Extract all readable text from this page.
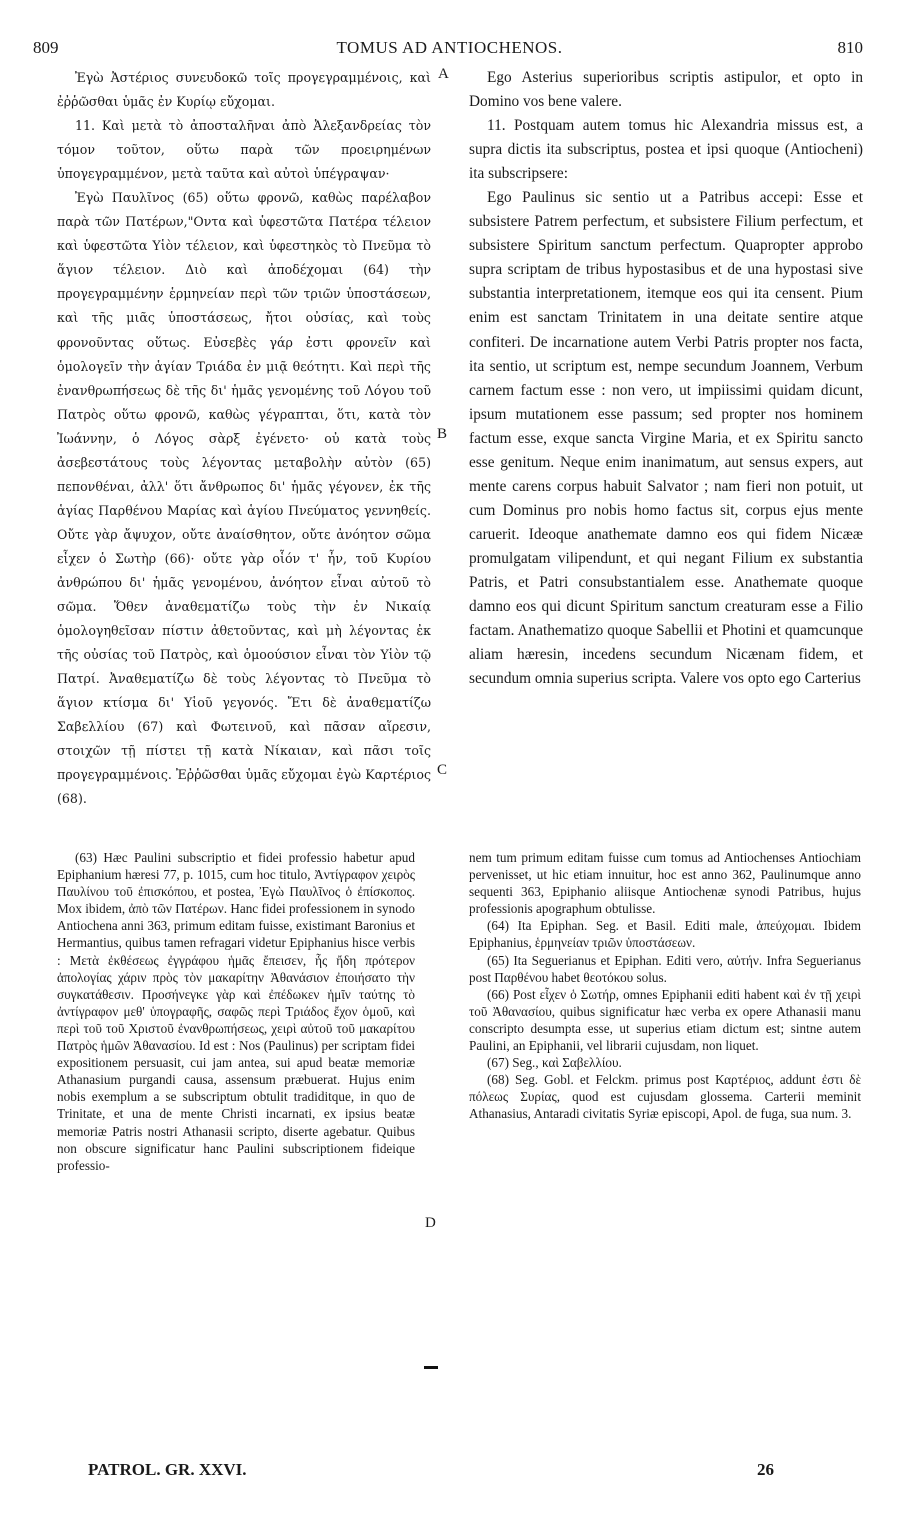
809	TOMUS AD ANTIOCHENOS.	810

Ἐγὼ Ἀστέριος συνευδοκῶ τοῖς προγεγραμμένοις, καὶ ἐῤῥῶσθαι ὑμᾶς ἐν Κυρίῳ εὔχομαι.

11. Καὶ μετὰ τὸ ἀποσταλῆναι ἀπὸ Ἀλεξανδρείας τὸν τόμον τοῦτον, οὕτω παρὰ τῶν προειρημένων ὑπογεγραμμένον, μετὰ ταῦτα καὶ αὐτοὶ ὑπέγραψαν·

Ἐγὼ Παυλῖνος (65) οὕτω φρονῶ, καθὼς παρέλαβον παρὰ τῶν Πατέρων,"Οντα καὶ ὑφεστῶτα Πατέρα τέλειον καὶ ὑφεστῶτα Υἱὸν τέλειον, καὶ ὑφεστηκὸς τὸ Πνεῦμα τὸ ἅγιον τέλειον. Διὸ καὶ ἀποδέχομαι (64) τὴν προγεγραμμένην ἑρμηνείαν περὶ τῶν τριῶν ὑποστάσεων, καὶ τῆς μιᾶς ὑποστάσεως, ἤτοι οὐσίας, καὶ τοὺς φρονοῦντας οὕτως. Εὐσεβὲς γάρ ἐστι φρονεῖν καὶ ὁμολογεῖν τὴν ἁγίαν Τριάδα ἐν μιᾷ θεότητι. Καὶ περὶ τῆς ἐνανθρωπήσεως δὲ τῆς δι' ἡμᾶς γενομένης τοῦ Λόγου τοῦ Πατρὸς οὕτω φρονῶ, καθὼς γέγραπται, ὅτι, κατὰ τὸν Ἰωάννην, ὁ Λόγος σὰρξ ἐγένετο· οὐ κατὰ τοὺς ἀσεβεστάτους τοὺς λέγοντας μεταβολὴν αὐτὸν (65) πεπονθέναι, ἀλλ' ὅτι ἄνθρωπος δι' ἡμᾶς γέγονεν, ἐκ τῆς ἁγίας Παρθένου Μαρίας καὶ ἁγίου Πνεύματος γεννηθείς. Οὔτε γὰρ ἄψυχον, οὔτε ἀναίσθητον, οὔτε ἀνόητον σῶμα εἶχεν ὁ Σωτὴρ (66)· οὔτε γὰρ οἷόν τ' ἦν, τοῦ Κυρίου ἀνθρώπου δι' ἡμᾶς γενομένου, ἀνόητον εἶναι αὐτοῦ τὸ σῶμα. Ὅθεν ἀναθεματίζω τοὺς τὴν ἐν Νικαίᾳ ὁμολογηθεῖσαν πίστιν ἀθετοῦντας, καὶ μὴ λέγοντας ἐκ τῆς οὐσίας τοῦ Πατρὸς, καὶ ὁμοούσιον εἶναι τὸν Υἱὸν τῷ Πατρί. Ἀναθεματίζω δὲ τοὺς λέγοντας τὸ Πνεῦμα τὸ ἅγιον κτίσμα δι' Υἱοῦ γεγονός. Ἔτι δὲ ἀναθεματίζω Σαβελλίου (67) καὶ Φωτεινοῦ, καὶ πᾶσαν αἵρεσιν, στοιχῶν τῇ πίστει τῇ κατὰ Νίκαιαν, καὶ πᾶσι τοῖς προγεγραμμένοις. Ἐῤῥῶσθαι ὑμᾶς εὔχομαι ἐγὼ Καρτέριος (68).

A
B
C
D

Ego Asterius superioribus scriptis astipulor, et opto in Domino vos bene valere.

11. Postquam autem tomus hic Alexandria missus est, a supra dictis ita subscriptus, postea et ipsi quoque (Antiocheni) ita subscripsere:

Ego Paulinus sic sentio ut a Patribus accepi: Esse et subsistere Patrem perfectum, et subsistere Filium perfectum, et subsistere Spiritum sanctum perfectum. Quapropter approbo supra scriptam de tribus hypostasibus et de una hypostasi sive substantia interpretationem, itemque eos qui ita censent. Pium enim est sanctam Trinitatem in una deitate sentire atque confiteri. De incarnatione autem Verbi Patris propter nos facta, ita sentio, ut scriptum est, nempe secundum Joannem, Verbum carnem factum esse : non vero, ut impiissimi quidam dicunt, ipsum mutationem esse passum; sed propter nos hominem factum esse, exque sancta Virgine Maria, et ex Spiritu sancto esse genitum. Neque enim inanimatum, aut sensus expers, aut mente carens corpus habuit Salvator ; nam fieri non potuit, ut cum Dominus pro nobis homo factus sit, corpus ejus mente caruerit. Ideoque anathemate damno eos qui fidem Nicææ promulgatam vilipendunt, et qui negant Filium ex substantia Patris, et Patri consubstantialem esse. Anathemate quoque damno eos qui dicunt Spiritum sanctum creaturam esse a Filio factam. Anathematizo quoque Sabellii et Photini et quamcunque aliam hæresin, incedens secundum Nicænam fidem, et secundum omnia superius scripta. Valere vos opto ego Carterius

(63) Hæc Paulini subscriptio et fidei professio habetur apud Epiphanium hæresi 77, p. 1015, cum hoc titulo, Ἀντίγραφον χειρὸς Παυλίνου τοῦ ἐπισκόπου, et postea, Ἐγὼ Παυλῖνος ὁ ἐπίσκοπος. Mox ibidem, ἀπὸ τῶν Πατέρων. Hanc fidei professionem in synodo Antiochena anni 363, primum editam fuisse, existimant Baronius et Hermantius, quibus tamen refragari videtur Epiphanius hisce verbis : Μετὰ ἐκθέσεως ἐγγράφου ἡμᾶς ἔπεισεν, ἧς ἤδη πρότερον ἀπολογίας χάριν πρὸς τὸν μακαρίτην Ἀθανάσιον ἐποιήσατο τὴν συγκατάθεσιν. Προσήνεγκε γὰρ καὶ ἐπέδωκεν ἡμῖν ταύτης τὸ ἀντίγραφον μεθ' ὑπογραφῆς, σαφῶς περὶ Τριάδος ἔχον ὁμοῦ, καὶ περὶ τοῦ τοῦ Χριστοῦ ἐνανθρωπήσεως, χειρὶ αὐτοῦ τοῦ μακαρίτου Πατρὸς ἡμῶν Ἀθανασίου. Id est : Nos (Paulinus) per scriptam fidei expositionem persuasit, cui jam antea, sui apud beatæ memoriæ Athanasium purgandi causa, assensum præbuerat. Hujus enim nobis exemplum a se subscriptum obtulit tradiditque, in quo de Trinitate, et una de mente Christi incarnati, ex ipsius beatæ memoriæ Patris nostri Athanasii scripto, diserte agebatur. Quibus non obscure significatur hanc Paulini subscriptionem fideique professio-

nem tum primum editam fuisse cum tomus ad Antiochenses Antiochiam pervenisset, ut hic etiam innuitur, hoc est anno 362, Paulinumque anno sequenti 363, Epiphanio aliisque Antiochenæ synodi Patribus, hujus professionis apographum obtulisse.

(64) Ita Epiphan. Seg. et Basil. Editi male, ἀπεύχομαι. Ibidem Epiphanius, ἑρμηνείαν τριῶν ὑποστάσεων.

(65) Ita Seguerianus et Epiphan. Editi vero, αὐτήν. Infra Seguerianus post Παρθένου habet θεοτόκου solus.

(66) Post εἶχεν ὁ Σωτήρ, omnes Epiphanii editi habent καὶ ἐν τῇ χειρὶ τοῦ Ἀθανασίου, quibus significatur hæc verba ex opere Athanasii manu conscripto desumpta esse, ut superius etiam dictum est; sintne autem Paulini, an Epiphanii, vel librarii cujusdam, non liquet.

(67) Seg., καὶ Σαβελλίου.

(68) Seg. Gobl. et Felckm. primus post Καρτέριος, addunt ἐστι δὲ πόλεως Συρίας, quod est cujusdam glossema. Carterii meminit Athanasius, Antaradi civitatis Syriæ episcopi, Apol. de fuga, sua num. 3.

PATROL. GR. XXVI.	26
